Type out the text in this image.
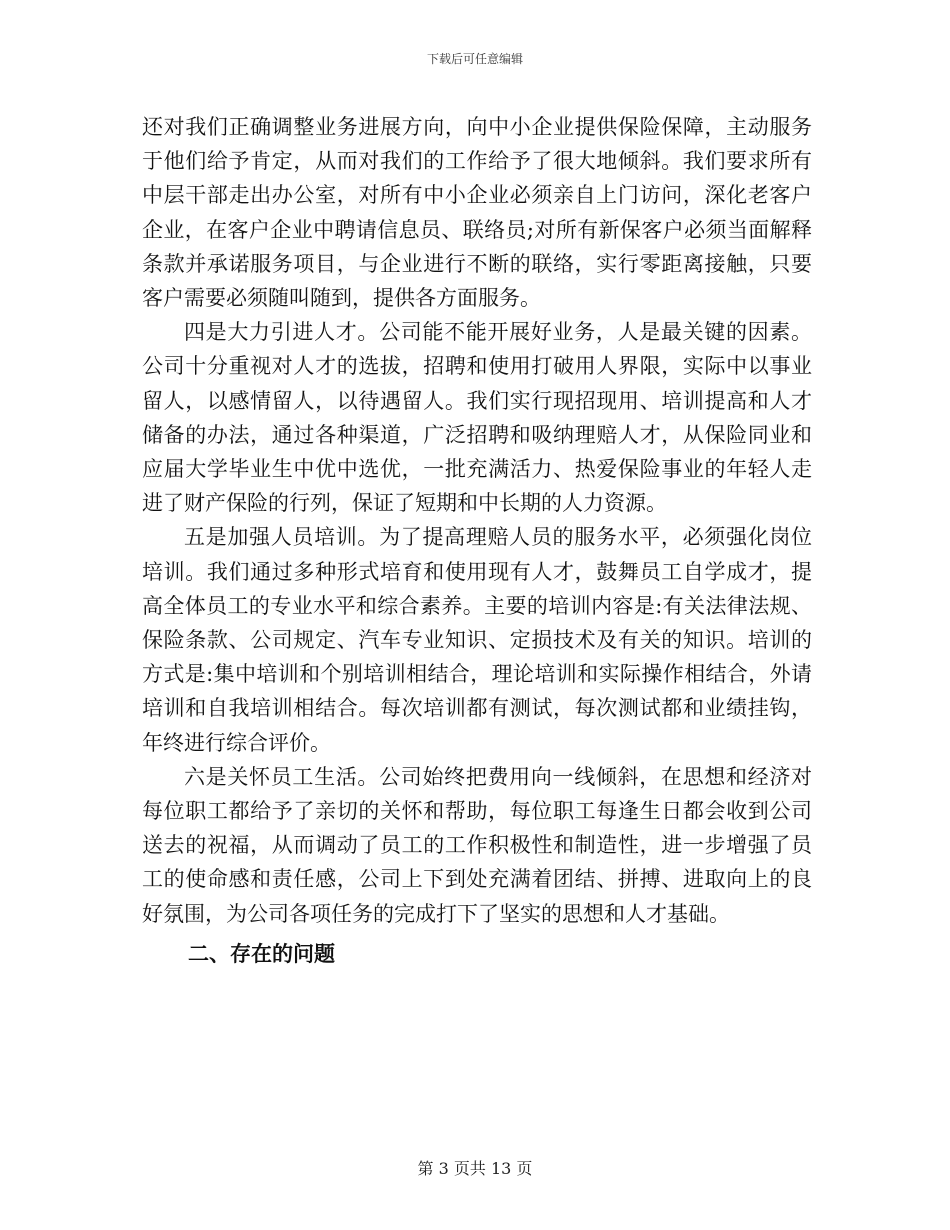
下载后可任意编辑

还对我们正确调整业务进展方向，向中小企业提供保险保障，主动服务于他们给予肯定，从而对我们的工作给予了很大地倾斜。我们要求所有中层干部走出办公室，对所有中小企业必须亲自上门访问，深化老客户企业，在客户企业中聘请信息员、联络员;对所有新保客户必须当面解释条款并承诺服务项目，与企业进行不断的联络，实行零距离接触，只要客户需要必须随叫随到，提供各方面服务。

四是大力引进人才。公司能不能开展好业务，人是最关键的因素。公司十分重视对人才的选拔，招聘和使用打破用人界限，实际中以事业留人，以感情留人，以待遇留人。我们实行现招现用、培训提高和人才储备的办法，通过各种渠道，广泛招聘和吸纳理赔人才，从保险同业和应届大学毕业生中优中选优，一批充满活力、热爱保险事业的年轻人走进了财产保险的行列，保证了短期和中长期的人力资源。

五是加强人员培训。为了提高理赔人员的服务水平，必须强化岗位培训。我们通过多种形式培育和使用现有人才，鼓舞员工自学成才，提高全体员工的专业水平和综合素养。主要的培训内容是:有关法律法规、保险条款、公司规定、汽车专业知识、定损技术及有关的知识。培训的方式是:集中培训和个别培训相结合，理论培训和实际操作相结合，外请培训和自我培训相结合。每次培训都有测试，每次测试都和业绩挂钩，年终进行综合评价。

六是关怀员工生活。公司始终把费用向一线倾斜，在思想和经济对每位职工都给予了亲切的关怀和帮助，每位职工每逢生日都会收到公司送去的祝福，从而调动了员工的工作积极性和制造性，进一步增强了员工的使命感和责任感，公司上下到处充满着团结、拼搏、进取向上的良好氛围，为公司各项任务的完成打下了坚实的思想和人才基础。

二、存在的问题
第 3 页共 13 页
